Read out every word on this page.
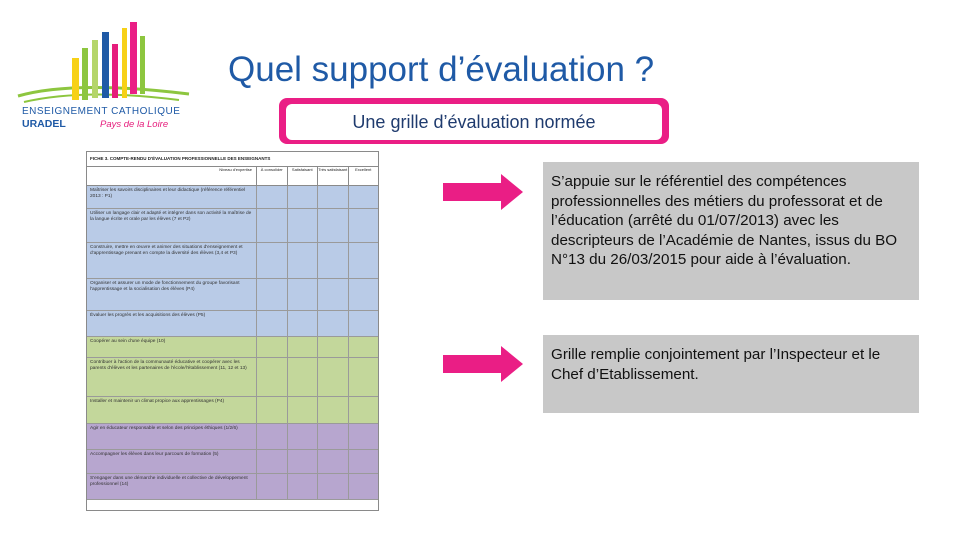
ENSEIGNEMENT CATHOLIQUE
URADEL	Pays de la Loire
Quel support d’évaluation ?
Une grille d’évaluation normée
FICHE 3. COMPTE-RENDU D'ÉVALUATION PROFESSIONNELLE DES ENSEIGNANTS
Niveau d'expertise	À consolider	Satisfaisant	Très satisfaisant	Excellent
Maîtriser les savoirs disciplinaires et leur didactique (référence référentiel 2013 : P1)
Utiliser un langage clair et adapté et intégrer dans son activité la maîtrise de la langue écrite et orale par les élèves (7 et P2)
Construire, mettre en œuvre et animer des situations d'enseignement et d'apprentissage prenant en compte la diversité des élèves (3,4 et P3)
Organiser et assurer un mode de fonctionnement du groupe favorisant l'apprentissage et la socialisation des élèves (P4)
Évaluer les progrès et les acquisitions des élèves (P5)
Coopérer au sein d'une équipe (10)
Contribuer à l'action de la communauté éducative et coopérer avec les parents d'élèves et les partenaires de l'école/l'établissement (11, 12 et 13)
Installer et maintenir un climat propice aux apprentissages (P4)
Agir en éducateur responsable et selon des principes éthiques (1/2/6)
Accompagner les élèves dans leur parcours de formation (5)
S'engager dans une démarche individuelle et collective de développement professionnel (14)
S’appuie sur le référentiel des compétences professionnelles des métiers du professorat et de l’éducation (arrêté du 01/07/2013) avec les descripteurs de l’Académie de Nantes, issus du BO N°13 du 26/03/2015 pour aide à l’évaluation.
Grille remplie conjointement par l’Inspecteur et le Chef d’Etablissement.
